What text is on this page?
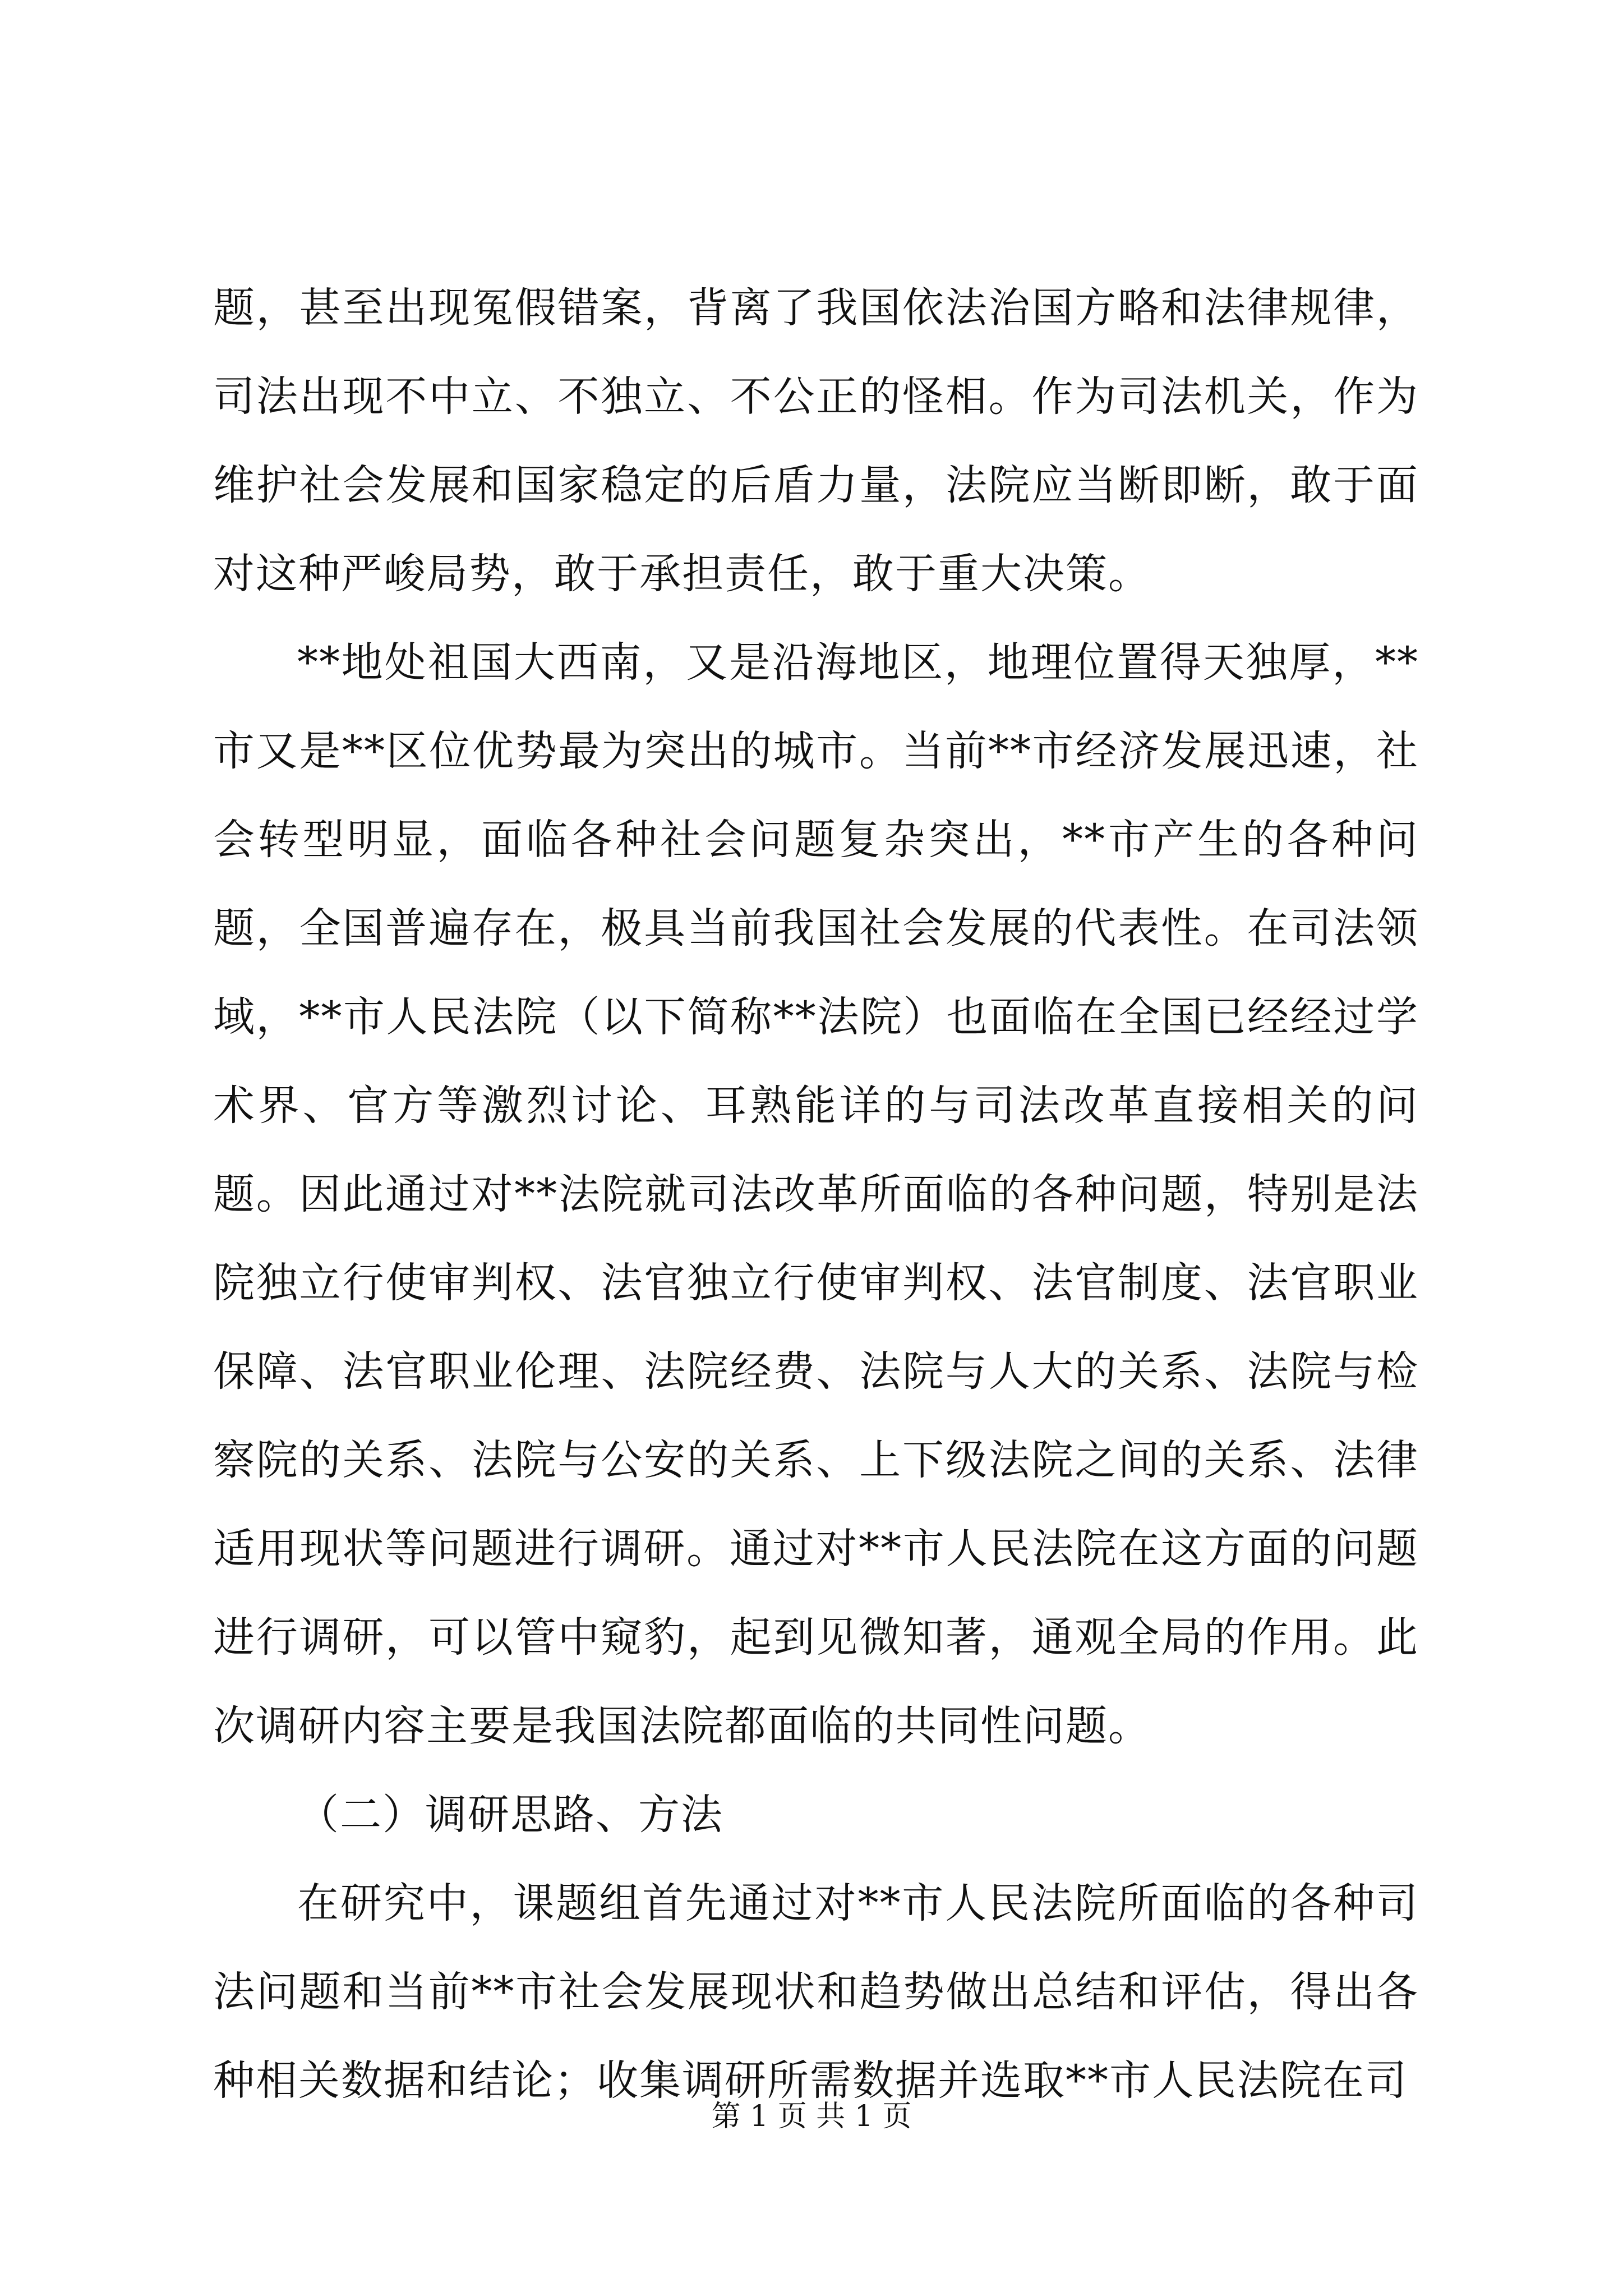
题，甚至出现冤假错案，背离了我国依法治国方略和法律规律，司法出现不中立、不独立、不公正的怪相。作为司法机关，作为维护社会发展和国家稳定的后盾力量，法院应当断即断，敢于面对这种严峻局势，敢于承担责任，敢于重大决策。

**地处祖国大西南，又是沿海地区，地理位置得天独厚，**市又是**区位优势最为突出的城市。当前**市经济发展迅速，社会转型明显，面临各种社会问题复杂突出，**市产生的各种问题，全国普遍存在，极具当前我国社会发展的代表性。在司法领域，**市人民法院（以下简称**法院）也面临在全国已经经过学术界、官方等激烈讨论、耳熟能详的与司法改革直接相关的问题。因此通过对**法院就司法改革所面临的各种问题，特别是法院独立行使审判权、法官独立行使审判权、法官制度、法官职业保障、法官职业伦理、法院经费、法院与人大的关系、法院与检察院的关系、法院与公安的关系、上下级法院之间的关系、法律适用现状等问题进行调研。通过对**市人民法院在这方面的问题进行调研，可以管中窥豹，起到见微知著，通观全局的作用。此次调研内容主要是我国法院都面临的共同性问题。

（二）调研思路、方法

在研究中，课题组首先通过对**市人民法院所面临的各种司法问题和当前**市社会发展现状和趋势做出总结和评估，得出各种相关数据和结论；收集调研所需数据并选取**市人民法院在司

第 1 页 共 1 页
